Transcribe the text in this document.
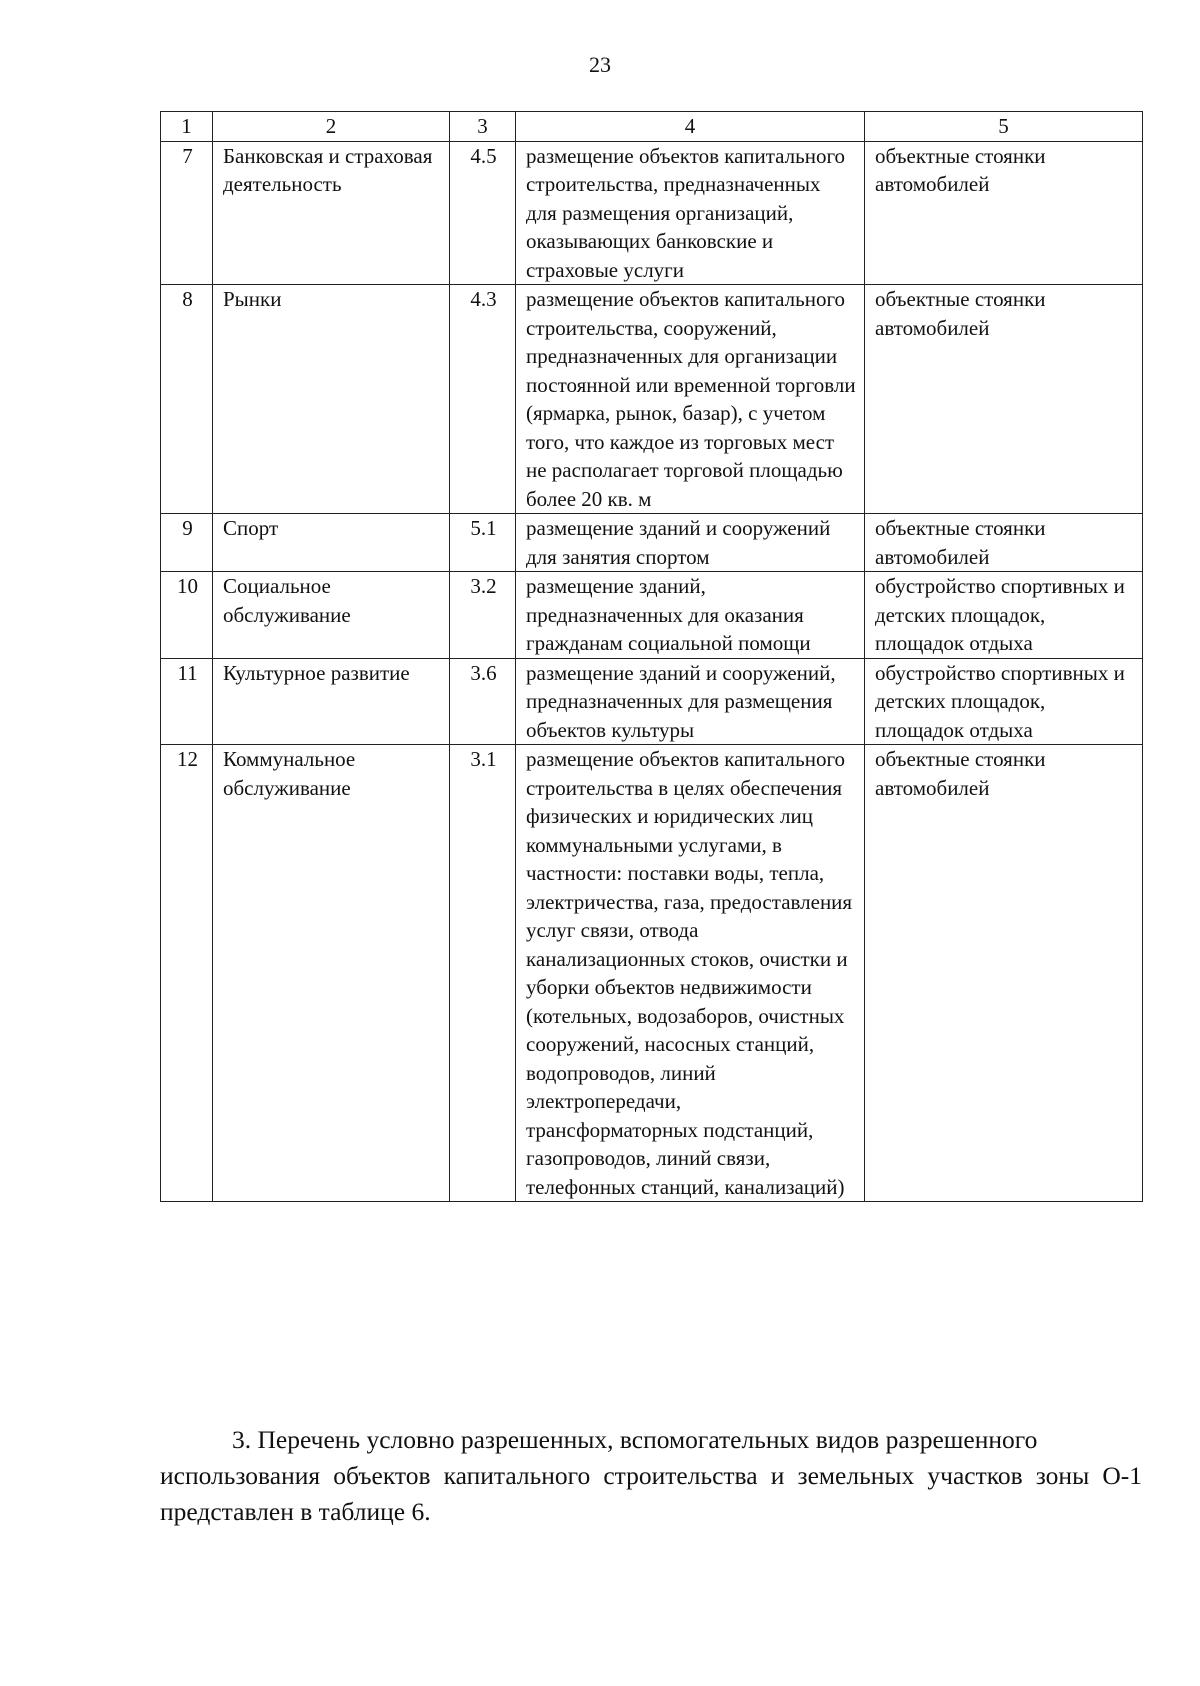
23
1	2	3	4	5
7	Банковская и страховая деятельность	4.5	размещение объектов капитального строительства, предназначенных для размещения организаций, оказывающих банковские и страховые услуги	объектные стоянки автомобилей
8	Рынки	4.3	размещение объектов капитального строительства, сооружений, предназначенных для организации постоянной или временной торговли (ярмарка, рынок, базар), с учетом того, что каждое из торговых мест не располагает торговой площадью более 20 кв. м	объектные стоянки автомобилей
9	Спорт	5.1	размещение зданий и сооружений для занятия спортом	объектные стоянки автомобилей
10	Социальное обслуживание	3.2	размещение зданий, предназначенных для оказания гражданам социальной помощи	обустройство спортивных и детских площадок, площадок отдыха
11	Культурное развитие	3.6	размещение зданий и сооружений, предназначенных для размещения объектов культуры	обустройство спортивных и детских площадок, площадок отдыха
12	Коммунальное обслуживание	3.1	размещение объектов капитального строительства в целях обеспечения физических и юридических лиц коммунальными услугами, в частности: поставки воды, тепла, электричества, газа, предоставления услуг связи, отвода канализационных стоков, очистки и уборки объектов недвижимости (котельных, водозаборов, очистных сооружений, насосных станций, водопроводов, линий электропередачи, трансформаторных подстанций, газопроводов, линий связи, телефонных станций, канализаций)	объектные стоянки автомобилей
3. Перечень условно разрешенных, вспомогательных видов разрешенного
использования объектов капитального строительства и земельных участков зоны О-1 представлен в таблице 6.
